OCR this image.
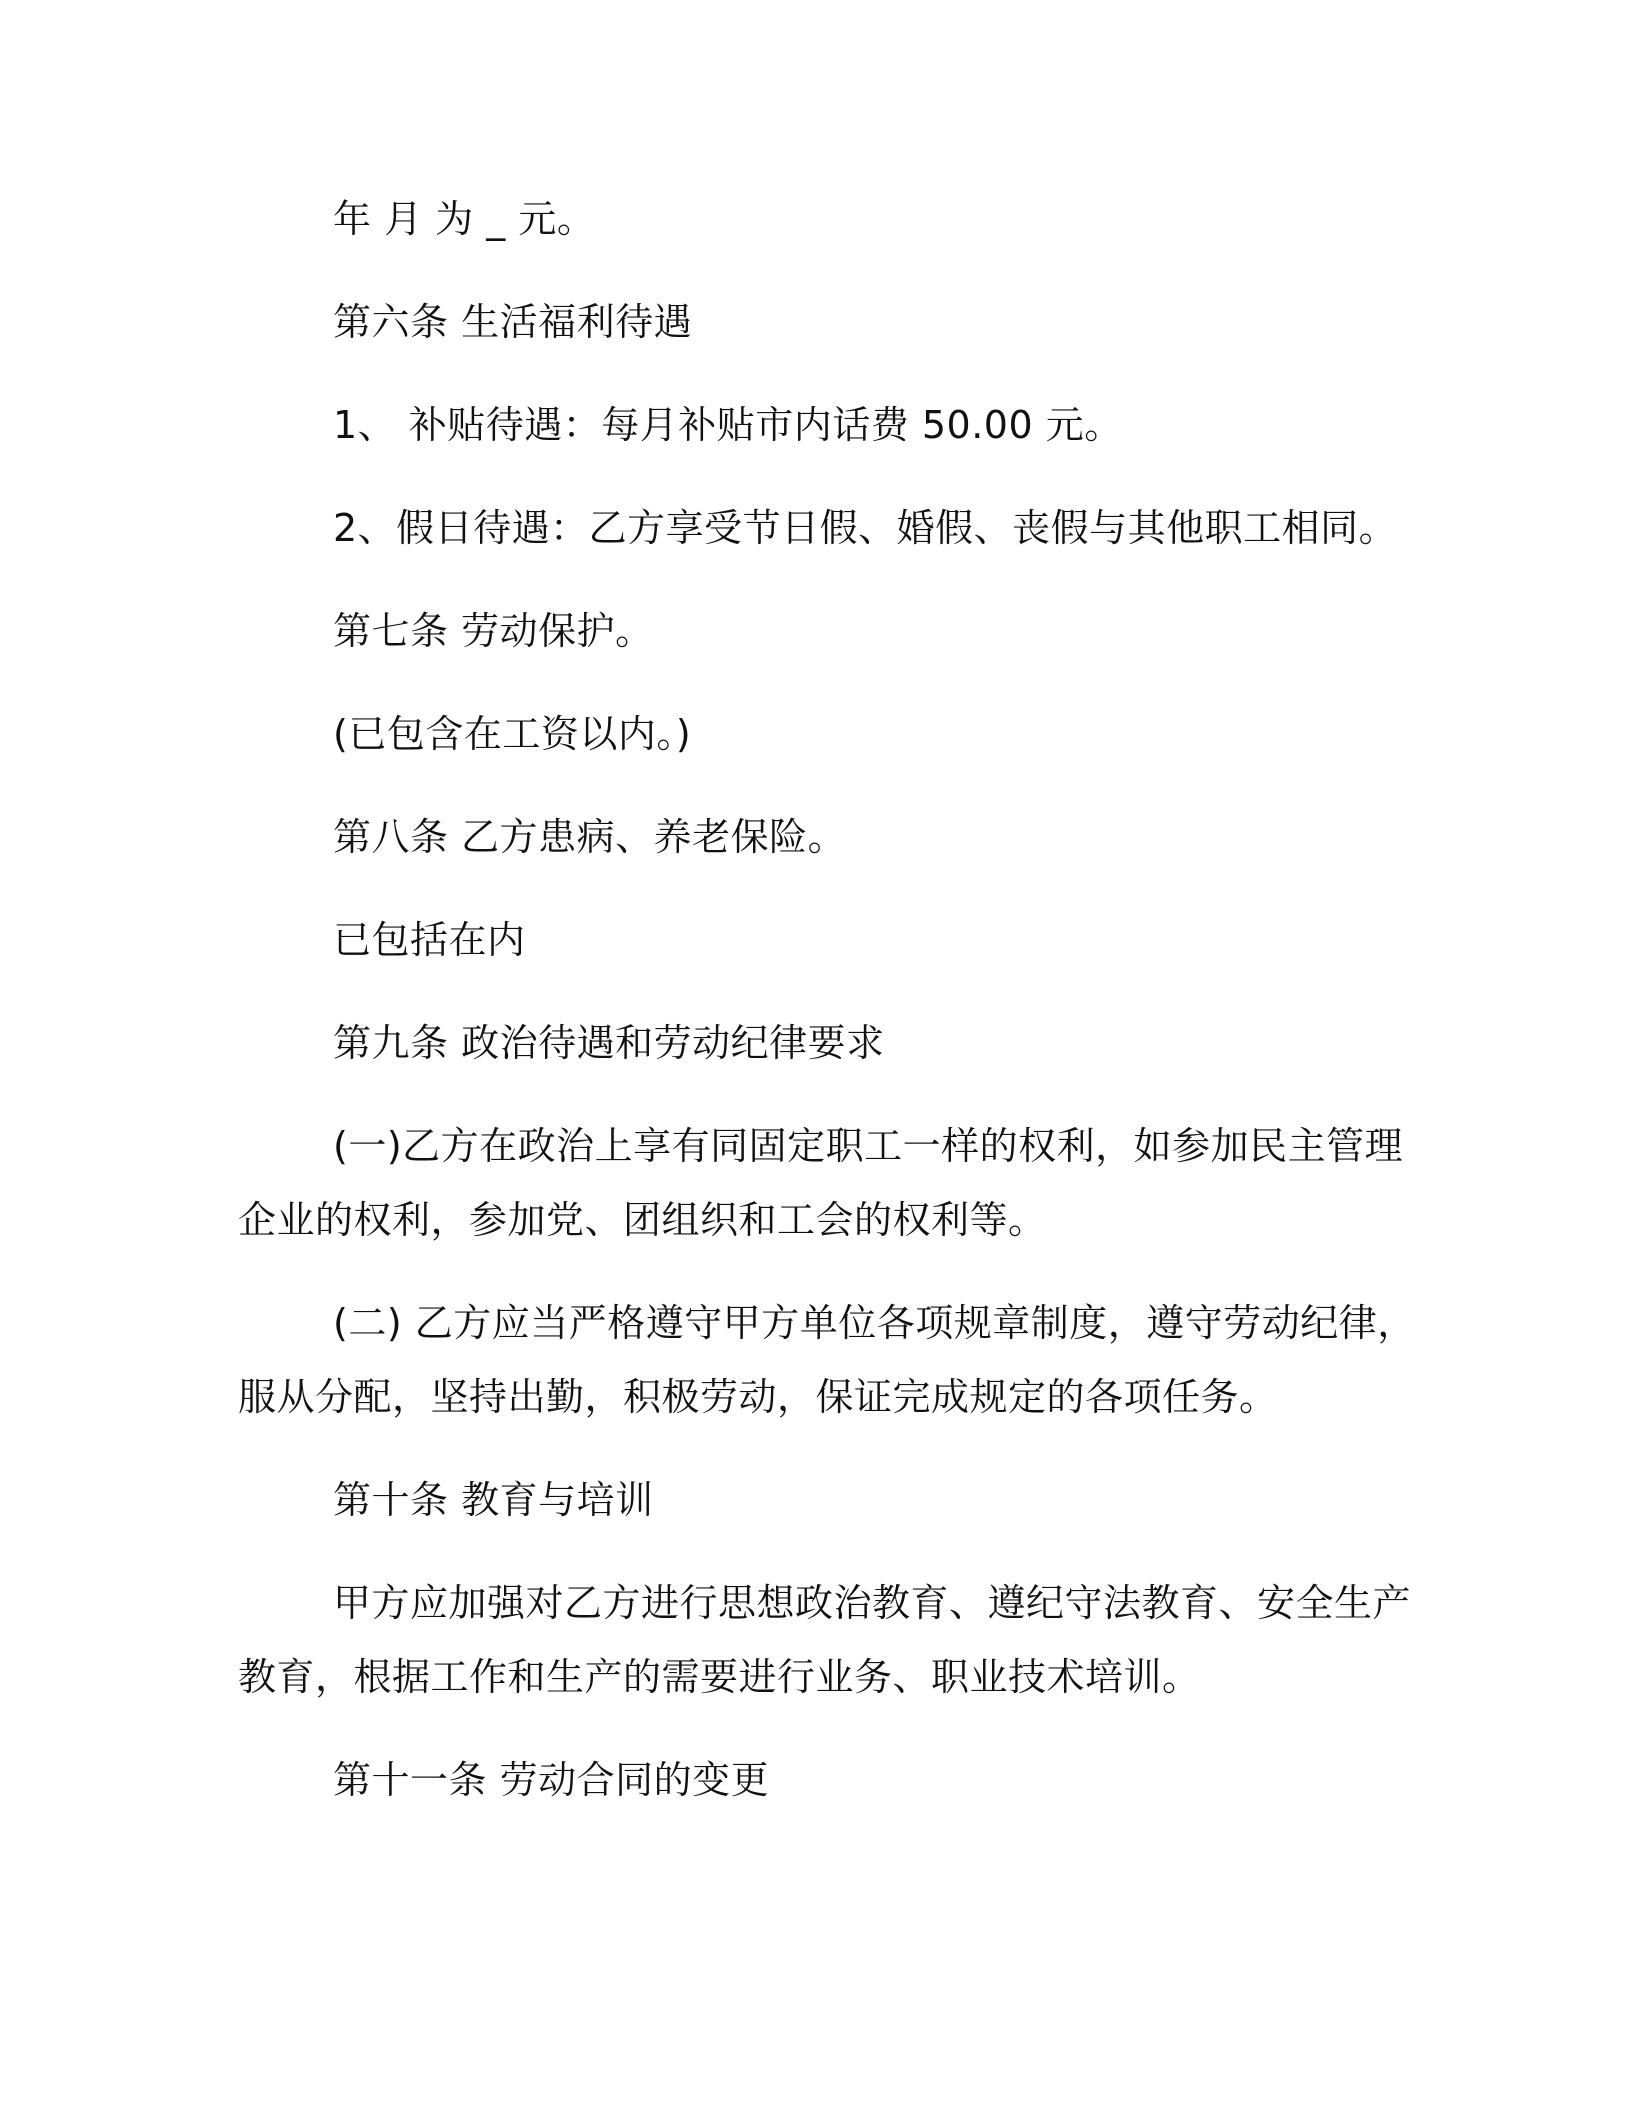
年 月 为 _ 元。
第六条 生活福利待遇
1、 补贴待遇：每月补贴市内话费 50.00 元。
2、假日待遇：乙方享受节日假、婚假、丧假与其他职工相同。
第七条 劳动保护。
(已包含在工资以内。)
第八条 乙方患病、养老保险。
已包括在内
第九条 政治待遇和劳动纪律要求
(一)乙方在政治上享有同固定职工一样的权利，如参加民主管理
企业的权利，参加党、团组织和工会的权利等。
(二) 乙方应当严格遵守甲方单位各项规章制度，遵守劳动纪律，
服从分配，坚持出勤，积极劳动，保证完成规定的各项任务。
第十条 教育与培训
甲方应加强对乙方进行思想政治教育、遵纪守法教育、安全生产
教育，根据工作和生产的需要进行业务、职业技术培训。
第十一条 劳动合同的变更
